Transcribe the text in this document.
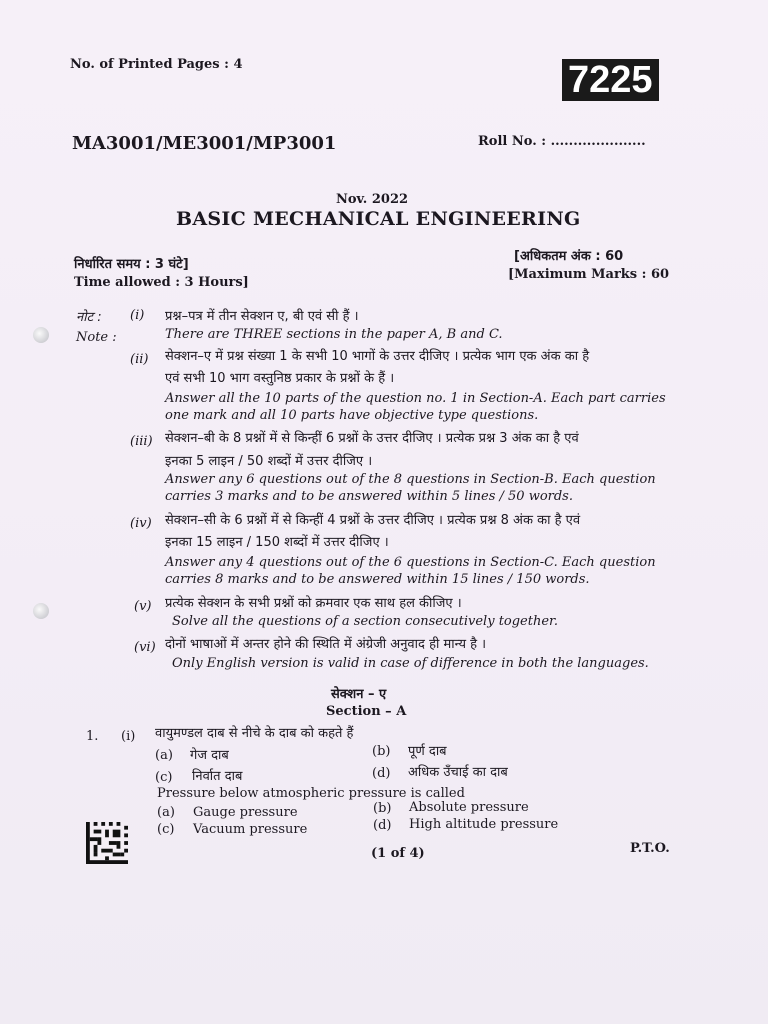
No. of Printed Pages : 4	7225
MA3001/ME3001/MP3001	Roll No. : .....................
Nov. 2022
BASIC MECHANICAL ENGINEERING
निर्धारित समय : 3 घंटे]
Time allowed : 3 Hours]
[अधिकतम अंक : 60
[Maximum Marks : 60
नोट :
Note :
(i) प्रश्न–पत्र में तीन सेक्शन ए, बी एवं सी हैं ।
There are THREE sections in the paper A, B and C.
(ii) सेक्शन–ए में प्रश्न संख्या 1 के सभी 10 भागों के उत्तर दीजिए । प्रत्येक भाग एक अंक का है
एवं सभी 10 भाग वस्तुनिष्ठ प्रकार के प्रश्नों के हैं ।
Answer all the 10 parts of the question no. 1 in Section-A. Each part carries
one mark and all 10 parts have objective type questions.
(iii) सेक्शन–बी के 8 प्रश्नों में से किन्हीं 6 प्रश्नों के उत्तर दीजिए । प्रत्येक प्रश्न 3 अंक का है एवं
इनका 5 लाइन / 50 शब्दों में उत्तर दीजिए ।
Answer any 6 questions out of the 8 questions in Section-B. Each question
carries 3 marks and to be answered within 5 lines / 50 words.
(iv) सेक्शन–सी के 6 प्रश्नों में से किन्हीं 4 प्रश्नों के उत्तर दीजिए । प्रत्येक प्रश्न 8 अंक का है एवं
इनका 15 लाइन / 150 शब्दों में उत्तर दीजिए ।
Answer any 4 questions out of the 6 questions in Section-C. Each question
carries 8 marks and to be answered within 15 lines / 150 words.
(v) प्रत्येक सेक्शन के सभी प्रश्नों को क्रमवार एक साथ हल कीजिए ।
Solve all the questions of a section consecutively together.
(vi) दोनों भाषाओं में अन्तर होने की स्थिति में अंग्रेजी अनुवाद ही मान्य है ।
Only English version is valid in case of difference in both the languages.
सेक्शन – ए
Section – A
1. (i) वायुमण्डल दाब से नीचे के दाब को कहते हैं
(a) गेज दाब	(b) पूर्ण दाब
(c) निर्वात दाब	(d) अधिक उँचाई का दाब
Pressure below atmospheric pressure is called
(a) Gauge pressure	(b) Absolute pressure
(c) Vacuum pressure	(d) High altitude pressure
(1 of 4)	P.T.O.
